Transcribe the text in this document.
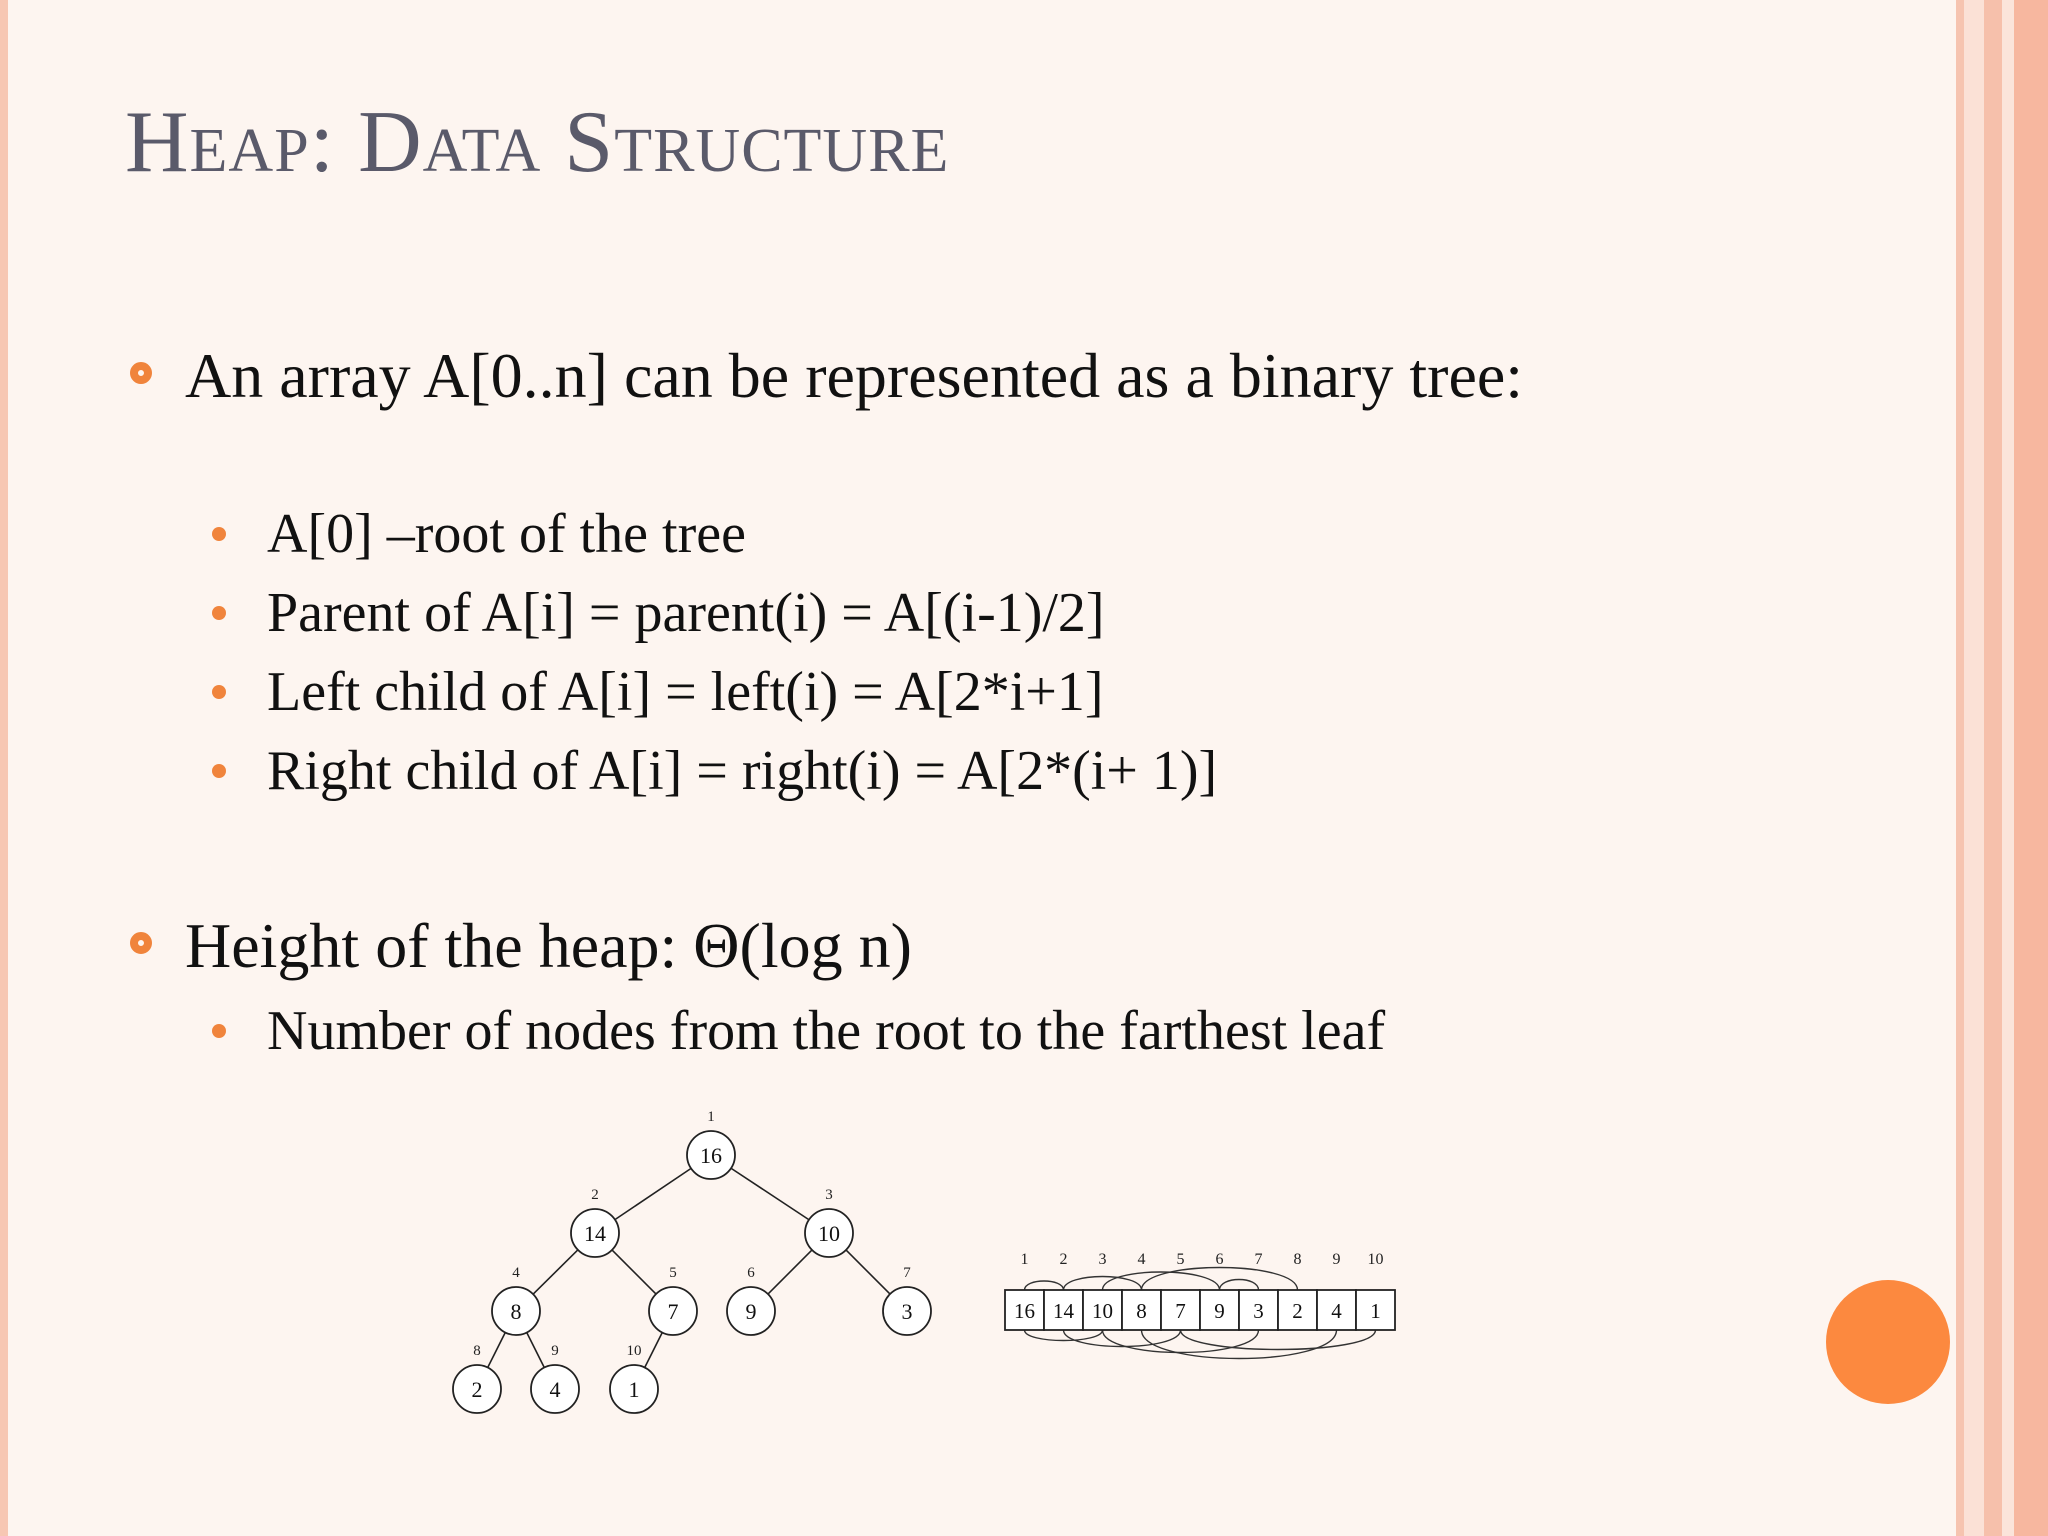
Heap: Data Structure
An array A[0..n] can be represented as a binary tree:
A[0] –root of the tree
Parent of A[i] = parent(i) = A[(i-1)/2]
Left child of A[i] = left(i) = A[2*i+1]
Right child of A[i] = right(i) = A[2*(i+ 1)]
Height of the heap: Θ(log n)
Number of nodes from the root to the farthest leaf
16
1
14
2
10
3
8
4
7
5
9
6
3
7
2
8
4
9
1
10
16
1
14
2
10
3
8
4
7
5
9
6
3
7
2
8
4
9
1
10
